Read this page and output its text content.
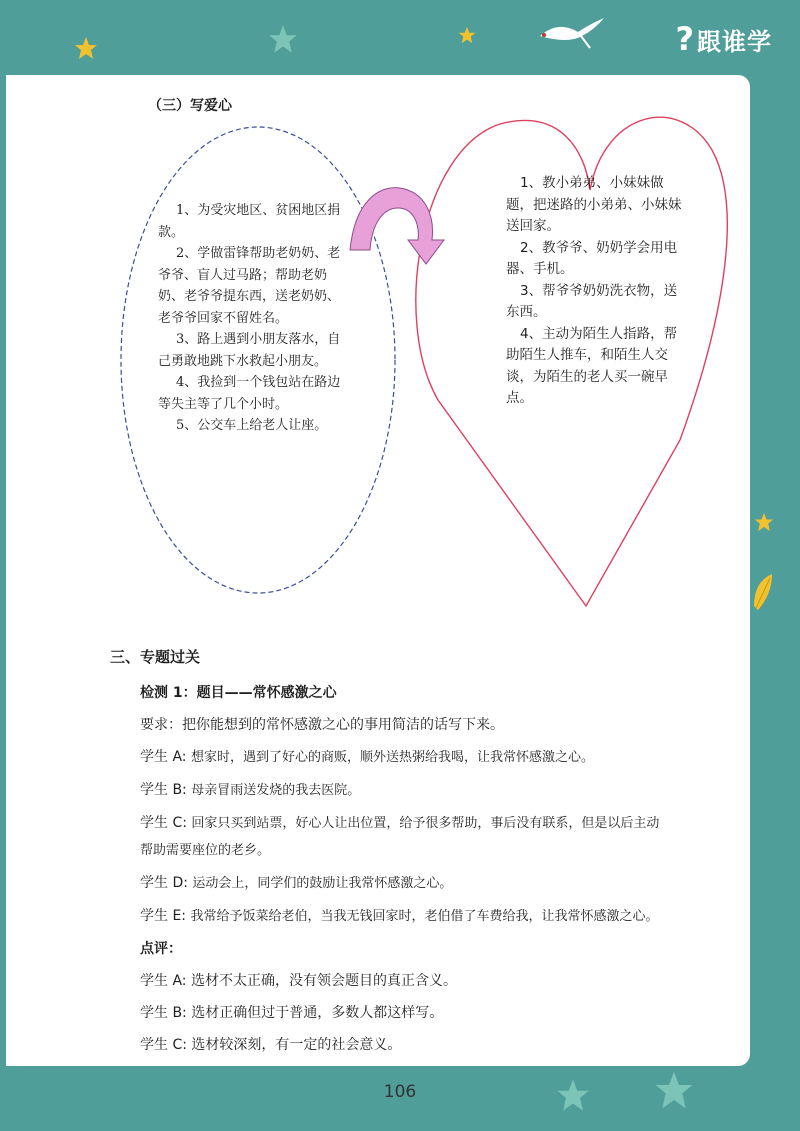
?跟谁学
（三）写爱心

1、为受灾地区、贫困地区捐款。

2、学做雷锋帮助老奶奶、老爷爷、盲人过马路；帮助老奶奶、老爷爷提东西，送老奶奶、老爷爷回家不留姓名。

3、路上遇到小朋友落水，自己勇敢地跳下水救起小朋友。

4、我捡到一个钱包站在路边等失主等了几个小时。

5、公交车上给老人让座。

1、教小弟弟、小妹妹做题，把迷路的小弟弟、小妹妹送回家。

2、教爷爷、奶奶学会用电器、手机。

3、帮爷爷奶奶洗衣物，送东西。

4、主动为陌生人指路，帮助陌生人推车，和陌生人交谈，为陌生的老人买一碗早点。

三、专题过关
检测 1：题目——常怀感激之心
要求：把你能想到的常怀感激之心的事用简洁的话写下来。
学生 A: 想家时，遇到了好心的商贩，顺外送热粥给我喝，让我常怀感激之心。
学生 B: 母亲冒雨送发烧的我去医院。
学生 C: 回家只买到站票，好心人让出位置，给予很多帮助，事后没有联系，但是以后主动帮助需要座位的老乡。
学生 D: 运动会上，同学们的鼓励让我常怀感激之心。
学生 E: 我常给予饭菜给老伯，当我无钱回家时，老伯借了车费给我，让我常怀感激之心。
点评：
学生 A: 选材不太正确，没有领会题目的真正含义。
学生 B: 选材正确但过于普通，多数人都这样写。
学生 C: 选材较深刻，有一定的社会意义。
106
